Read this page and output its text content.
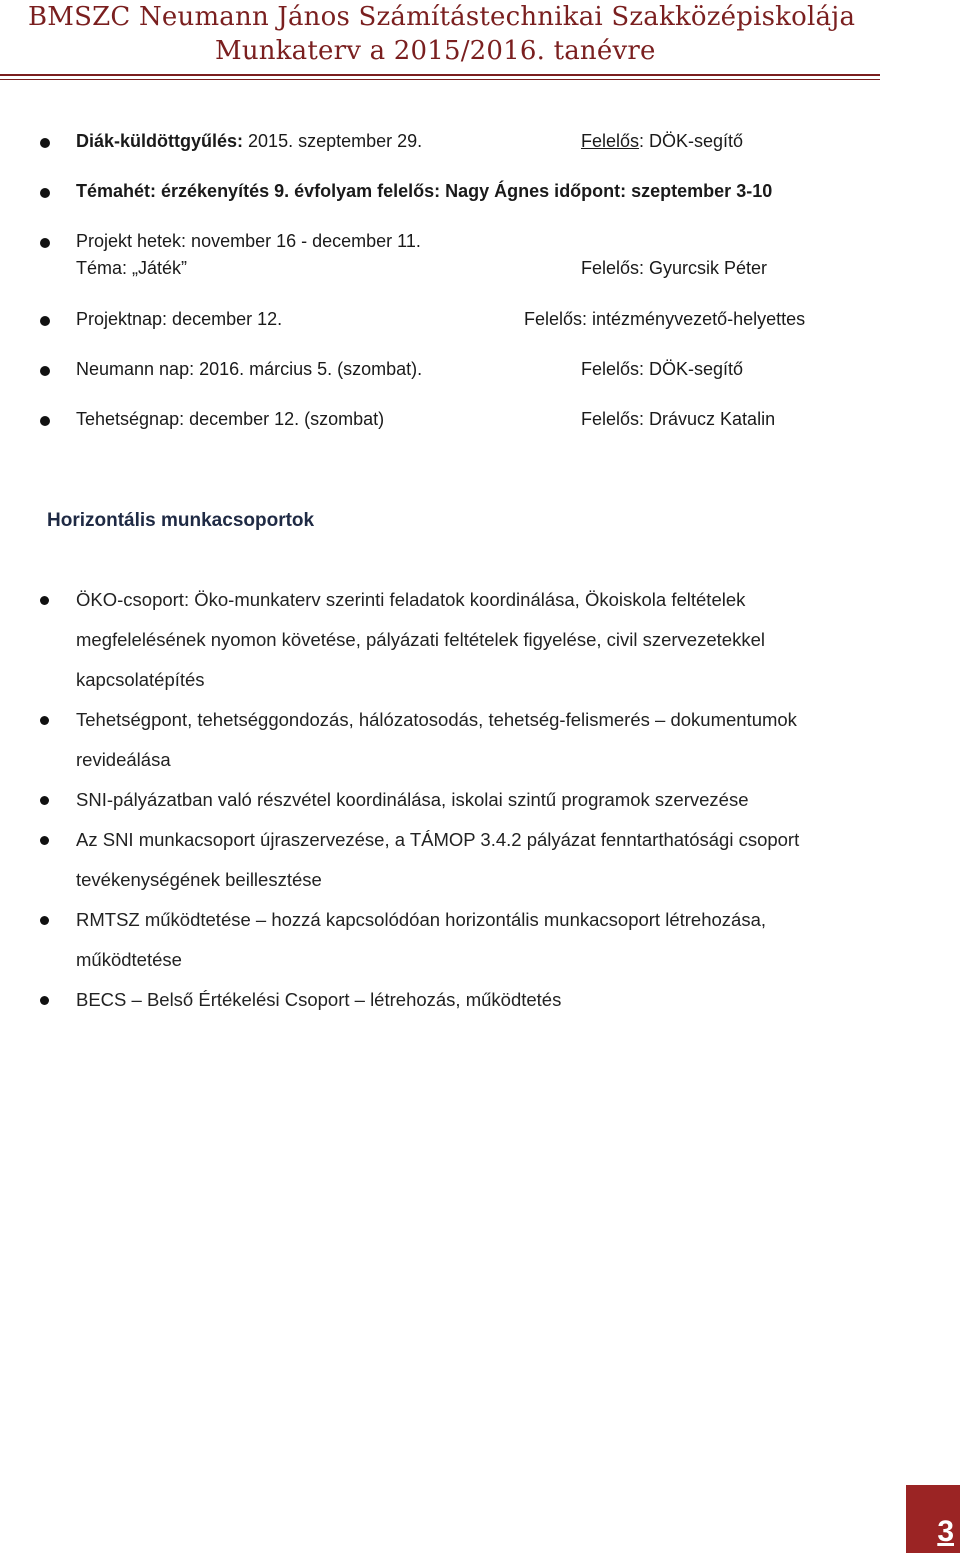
BMSZC Neumann János Számítástechnikai Szakközépiskolája
Munkaterv a 2015/2016. tanévre
Diák-küldöttgyűlés: 2015. szeptember 29.	Felelős: DÖK-segítő
Témahét: érzékenyítés 9. évfolyam felelős: Nagy Ágnes időpont: szeptember 3-10
Projekt hetek: november 16 - december 11.
Téma: „Játék”	Felelős: Gyurcsik Péter
Projektnap: december 12.	Felelős: intézményvezető-helyettes
Neumann nap: 2016. március 5. (szombat).	Felelős: DÖK-segítő
Tehetségnap: december 12. (szombat)	Felelős: Drávucz Katalin
Horizontális munkacsoportok
ÖKO-csoport: Öko-munkaterv szerinti feladatok koordinálása, Ökoiskola feltételek
megfelelésének nyomon követése, pályázati feltételek figyelése, civil szervezetekkel
kapcsolatépítés
Tehetségpont, tehetséggondozás, hálózatosodás, tehetség-felismerés – dokumentumok
revideálása
SNI-pályázatban való részvétel koordinálása, iskolai szintű programok szervezése
Az SNI munkacsoport újraszervezése, a TÁMOP 3.4.2 pályázat fenntarthatósági csoport
tevékenységének beillesztése
RMTSZ működtetése – hozzá kapcsolódóan horizontális munkacsoport létrehozása,
működtetése
BECS – Belső Értékelési Csoport – létrehozás, működtetés
3
